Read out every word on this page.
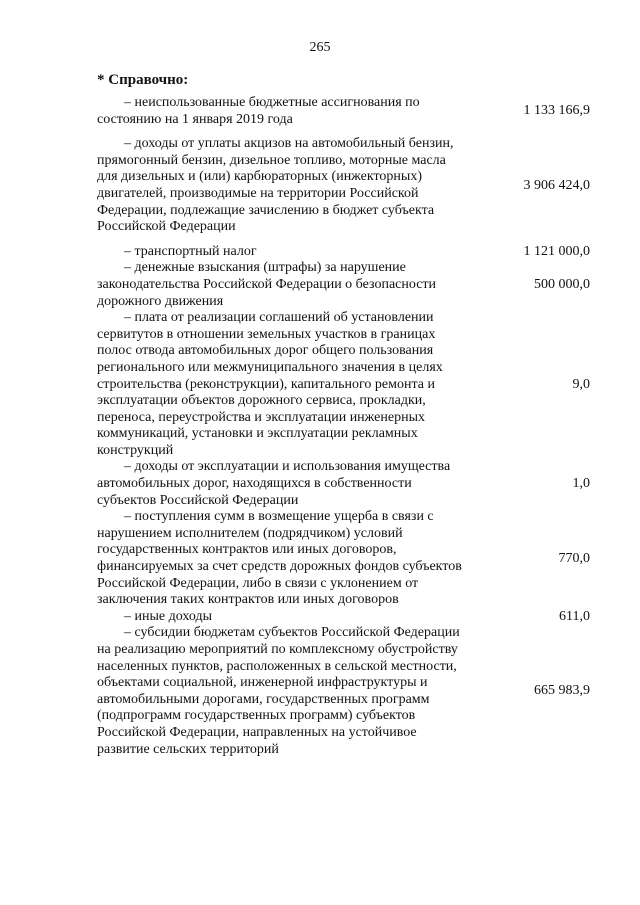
265
* Справочно:
– неиспользованные бюджетные ассигнования по состоянию на 1 января 2019 года
1 133 166,9
– доходы от уплаты акцизов на автомобильный бензин, прямогонный бензин, дизельное топливо, моторные масла для дизельных и (или) карбюраторных (инжекторных) двигателей, производимые на территории Российской Федерации, подлежащие зачислению в бюджет субъекта Российской Федерации
3 906 424,0
– транспортный налог	1 121 000,0
– денежные взыскания (штрафы) за нарушение законодательства Российской Федерации о безопасности дорожного движения
500 000,0
– плата от реализации соглашений об установлении сервитутов в отношении земельных участков в границах полос отвода автомобильных дорог общего пользования регионального или межмуниципального значения в целях строительства (реконструкции), капитального ремонта и эксплуатации объектов дорожного сервиса, прокладки, переноса, переустройства и эксплуатации инженерных коммуникаций, установки и эксплуатации рекламных конструкций
9,0
– доходы от эксплуатации и использования имущества автомобильных дорог, находящихся в собственности субъектов Российской Федерации
1,0
– поступления сумм в возмещение ущерба в связи с нарушением исполнителем (подрядчиком) условий государственных контрактов или иных договоров, финансируемых за счет средств дорожных фондов субъектов Российской Федерации, либо в связи с уклонением от заключения таких контрактов или иных договоров
770,0
– иные доходы	611,0
– субсидии бюджетам субъектов Российской Федерации на реализацию мероприятий по комплексному обустройству населенных пунктов, расположенных в сельской местности, объектами социальной, инженерной инфраструктуры и автомобильными дорогами, государственных программ (подпрограмм государственных программ) субъектов Российской Федерации, направленных на устойчивое развитие сельских территорий
665 983,9
